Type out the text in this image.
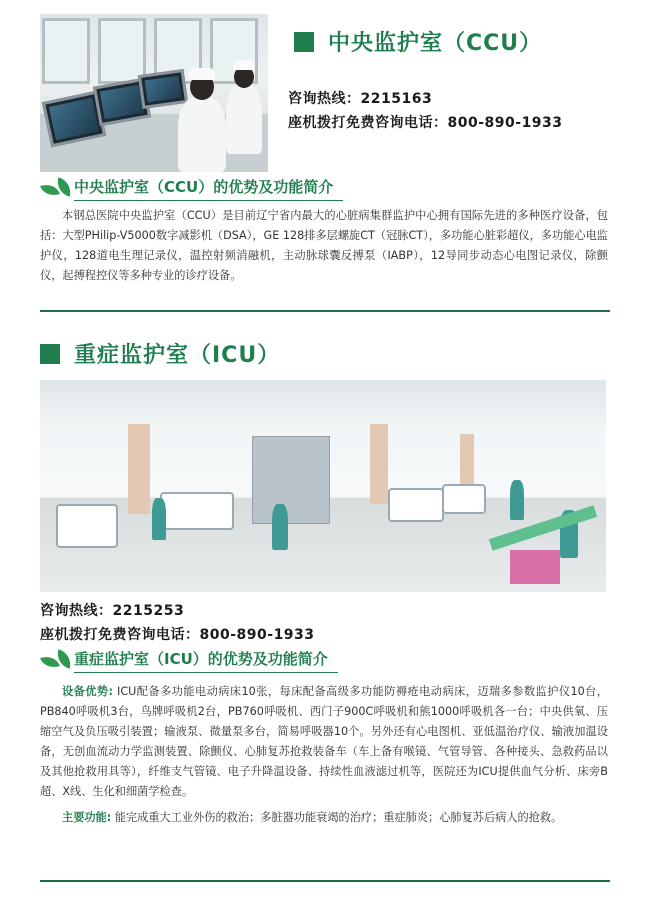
中央监护室（CCU）
咨询热线：2215163
座机拨打免费咨询电话：800-890-1933
中央监护室（CCU）的优势及功能简介
本钢总医院中央监护室（CCU）是目前辽宁省内最大的心脏病集群监护中心拥有国际先进的多种医疗设备，包括：大型PHilip-V5000数字减影机（DSA），GE 128排多层螺旋CT（冠脉CT），多功能心脏彩超仪，多功能心电监护仪，128道电生理记录仪，温控射频消融机，主动脉球囊反搏泵（IABP），12导同步动态心电图记录仪，除颤仪，起搏程控仪等多种专业的诊疗设备。
重症监护室（ICU）
咨询热线：2215253
座机拨打免费咨询电话：800-890-1933
重症监护室（ICU）的优势及功能简介
设备优势: ICU配备多功能电动病床10张，每床配备高级多功能防褥疮电动病床，迈瑞多参数监护仪10台，PB840呼吸机3台，鸟牌呼吸机2台，PB760呼吸机、西门子900C呼吸机和熊1000呼吸机各一台；中央供氧、压缩空气及负压吸引装置；输液泵、微量泵多台，简易呼吸器10个。另外还有心电图机、亚低温治疗仪、输液加温设备，无创血流动力学监测装置、除颤仪、心肺复苏抢救装备车（车上备有喉镜、气管导管、各种接头、急救药品以及其他抢救用具等），纤维支气管镜、电子升降温设备、持续性血液滤过机等，医院还为ICU提供血气分析、床旁B超、X线、生化和细菌学检查。
主要功能: 能完成重大工业外伤的救治；多脏器功能衰竭的治疗；重症肺炎；心肺复苏后病人的抢救。
